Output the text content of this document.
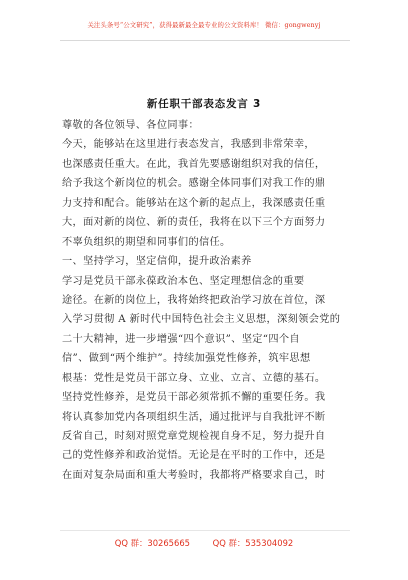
关注头条号“公文研究”，获得最新最全最专业的公文资料库！ 微信：gongwenyj
新任职干部表态发言 3
尊敬的各位领导、各位同事：
今天，能够站在这里进行表态发言，我感到非常荣幸，
也深感责任重大。在此，我首先要感谢组织对我的信任，
给予我这个新岗位的机会。感谢全体同事们对我工作的鼎
力支持和配合。能够站在这个新的起点上，我深感责任重
大，面对新的岗位、新的责任，我将在以下三个方面努力
不辜负组织的期望和同事们的信任。
一、坚持学习，坚定信仰，提升政治素养
学习是党员干部永葆政治本色、坚定理想信念的重要
途径。在新的岗位上，我将始终把政治学习放在首位，深
入学习贯彻 A 新时代中国特色社会主义思想，深刻领会党的
二十大精神，进一步增强“四个意识”、坚定“四个自
信”、做到“两个维护”。持续加强党性修养，筑牢思想
根基：党性是党员干部立身、立业、立言、立德的基石。
坚持党性修养，是党员干部必须常抓不懈的重要任务。我
将认真参加党内各项组织生活，通过批评与自我批评不断
反省自己，时刻对照党章党规检视自身不足，努力提升自
己的党性修养和政治觉悟。无论是在平时的工作中，还是
在面对复杂局面和重大考验时，我都将严格要求自己，时
QQ 群：30265665	QQ 群：535304092
